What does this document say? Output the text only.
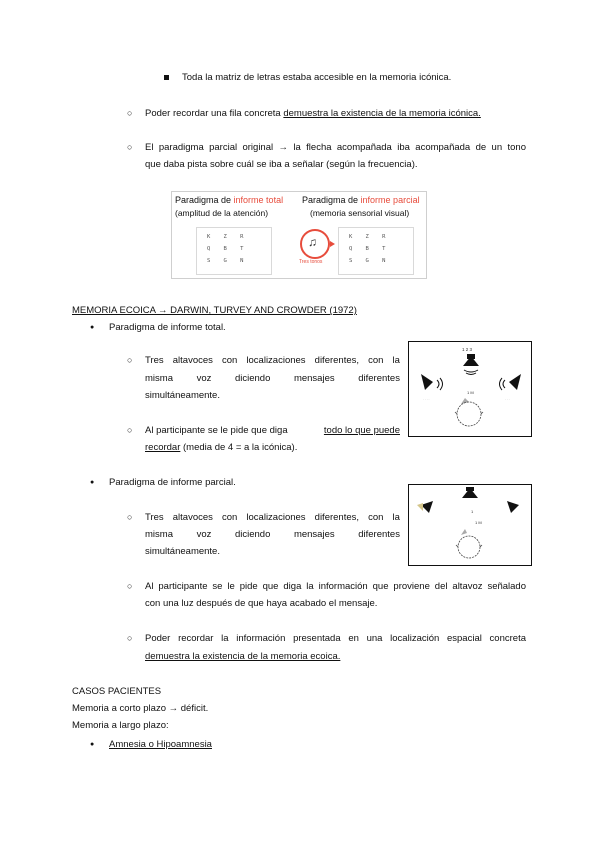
Toda la matriz de letras estaba accesible en la memoria icónica.
○ Poder recordar una fila concreta demuestra la existencia de la memoria icónica.
○ El paradigma parcial original → la flecha acompañada iba acompañada de un tono
que daba pista sobre cuál se iba a señalar (según la frecuencia).
Paradigma de informe total
(amplitud de la atención)
Paradigma de informe parcial
(memoria sensorial visual)
K    Z    R
Q    B    T
S    G    N
♫
Tres tonos
K    Z    R
Q    B    T
S    G    N
MEMORIA ECOICA → DARWIN, TURVEY AND CROWDER (1972)
● Paradigma de informe total.
○ Tres altavoces con localizaciones diferentes, con la
misma voz diciendo mensajes diferentes
simultáneamente.
○ Al participante se le pide que diga	todo lo que puede
recordar (media de 4 = a la icónica).
1 2 3
1 M
· · · ·	· · ·
● Paradigma de informe parcial.
○ Tres altavoces con localizaciones diferentes, con la
misma voz diciendo mensajes diferentes
simultáneamente.
1
1 M
○ Al participante se le pide que diga la información que proviene del altavoz señalado
con una luz después de que haya acabado el mensaje.
○ Poder recordar la información presentada en una localización espacial concreta
demuestra la existencia de la memoria ecoica.
CASOS PACIENTES
Memoria a corto plazo → déficit.
Memoria a largo plazo:
● Amnesia o Hipoamnesia
